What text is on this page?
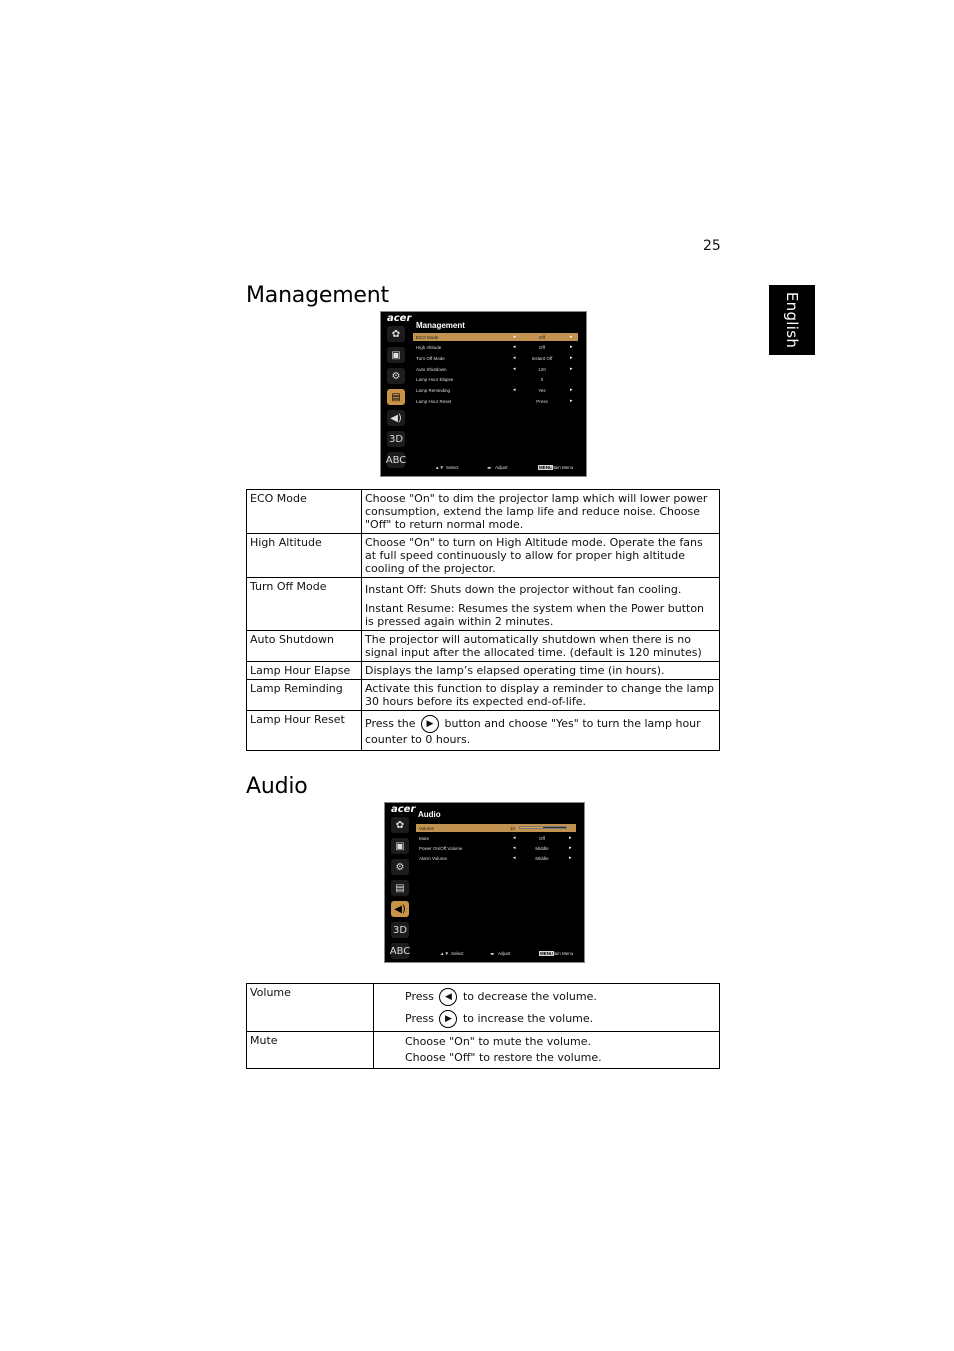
25
English
Management
acer
✿
▣
⚙
▤
◀)
3D
ABC
Management
ECO Mode	◂	Off	▸
High Altitude	◂	Off	▸
Turn Off Mode	◂	Instant Off	▸
Auto Shutdown	◂	120	▸
Lamp Hour Elapse	0
Lamp Reminding	◂	Yes	▸
Lamp Hour Reset	Press	▸
▲▼ Select	◂▸ Adjust	MENU
Main Menu
ECO Mode	Choose "On" to dim the projector lamp which will lower power consumption, extend the lamp life and reduce noise. Choose "Off" to return normal mode.
High Altitude	Choose "On" to turn on High Altitude mode. Operate the fans at full speed continuously to allow for proper high altitude cooling of the projector.
Turn Off Mode	Instant Off: Shuts down the projector without fan cooling.
Instant Resume: Resumes the system when the Power button is pressed again within 2 minutes.

Auto Shutdown	The projector will automatically shutdown when there is no signal input after the allocated time. (default is 120 minutes)
Lamp Hour Elapse	Displays the lamp’s elapsed operating time (in hours).
Lamp Reminding	Activate this function to display a reminder to change the lamp 30 hours before its expected end-of-life.
Lamp Hour Reset	Press the ▶ button and choose "Yes" to turn the lamp hour counter to 0 hours.
Audio
acer
✿
▣
⚙
▤
◀)
3D
ABC
Audio
Volume	10
Mute	◂	Off	▸
Power On/Off Volume	◂	Middle	▸
Alarm Volume	◂	Middle	▸
▲▼ Select	◂▸ Adjust	MENU
Main Menu
Volume	Press ◀ to decrease the volume.
Press ▶ to increase the volume.

Mute	Choose "On" to mute the volume.
Choose "Off" to restore the volume.
